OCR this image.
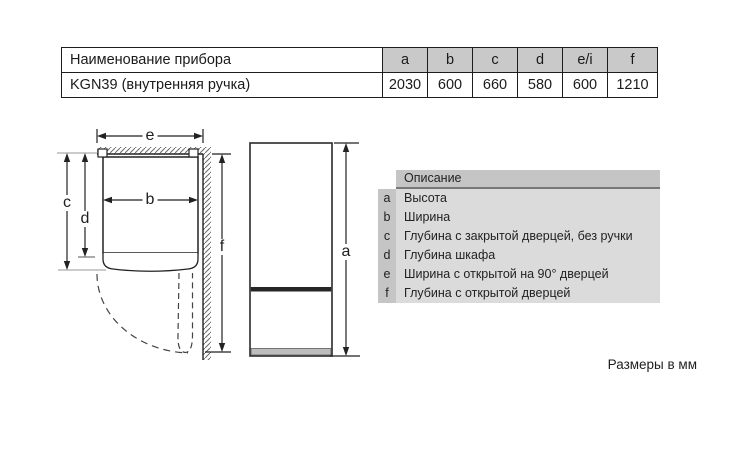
Наименование прибора	a	b	c	d	e/i	f
KGN39 (внутренняя ручка)	2030	600	660	580	600	1210
e
b
c
d
f	a
Описание
a	Высота
b	Ширина
c	Глубина с закрытой дверцей, без ручки
d	Глубина шкафа
e	Ширина с открытой на 90° дверцей
f	Глубина с открытой дверцей
Размеры в мм
